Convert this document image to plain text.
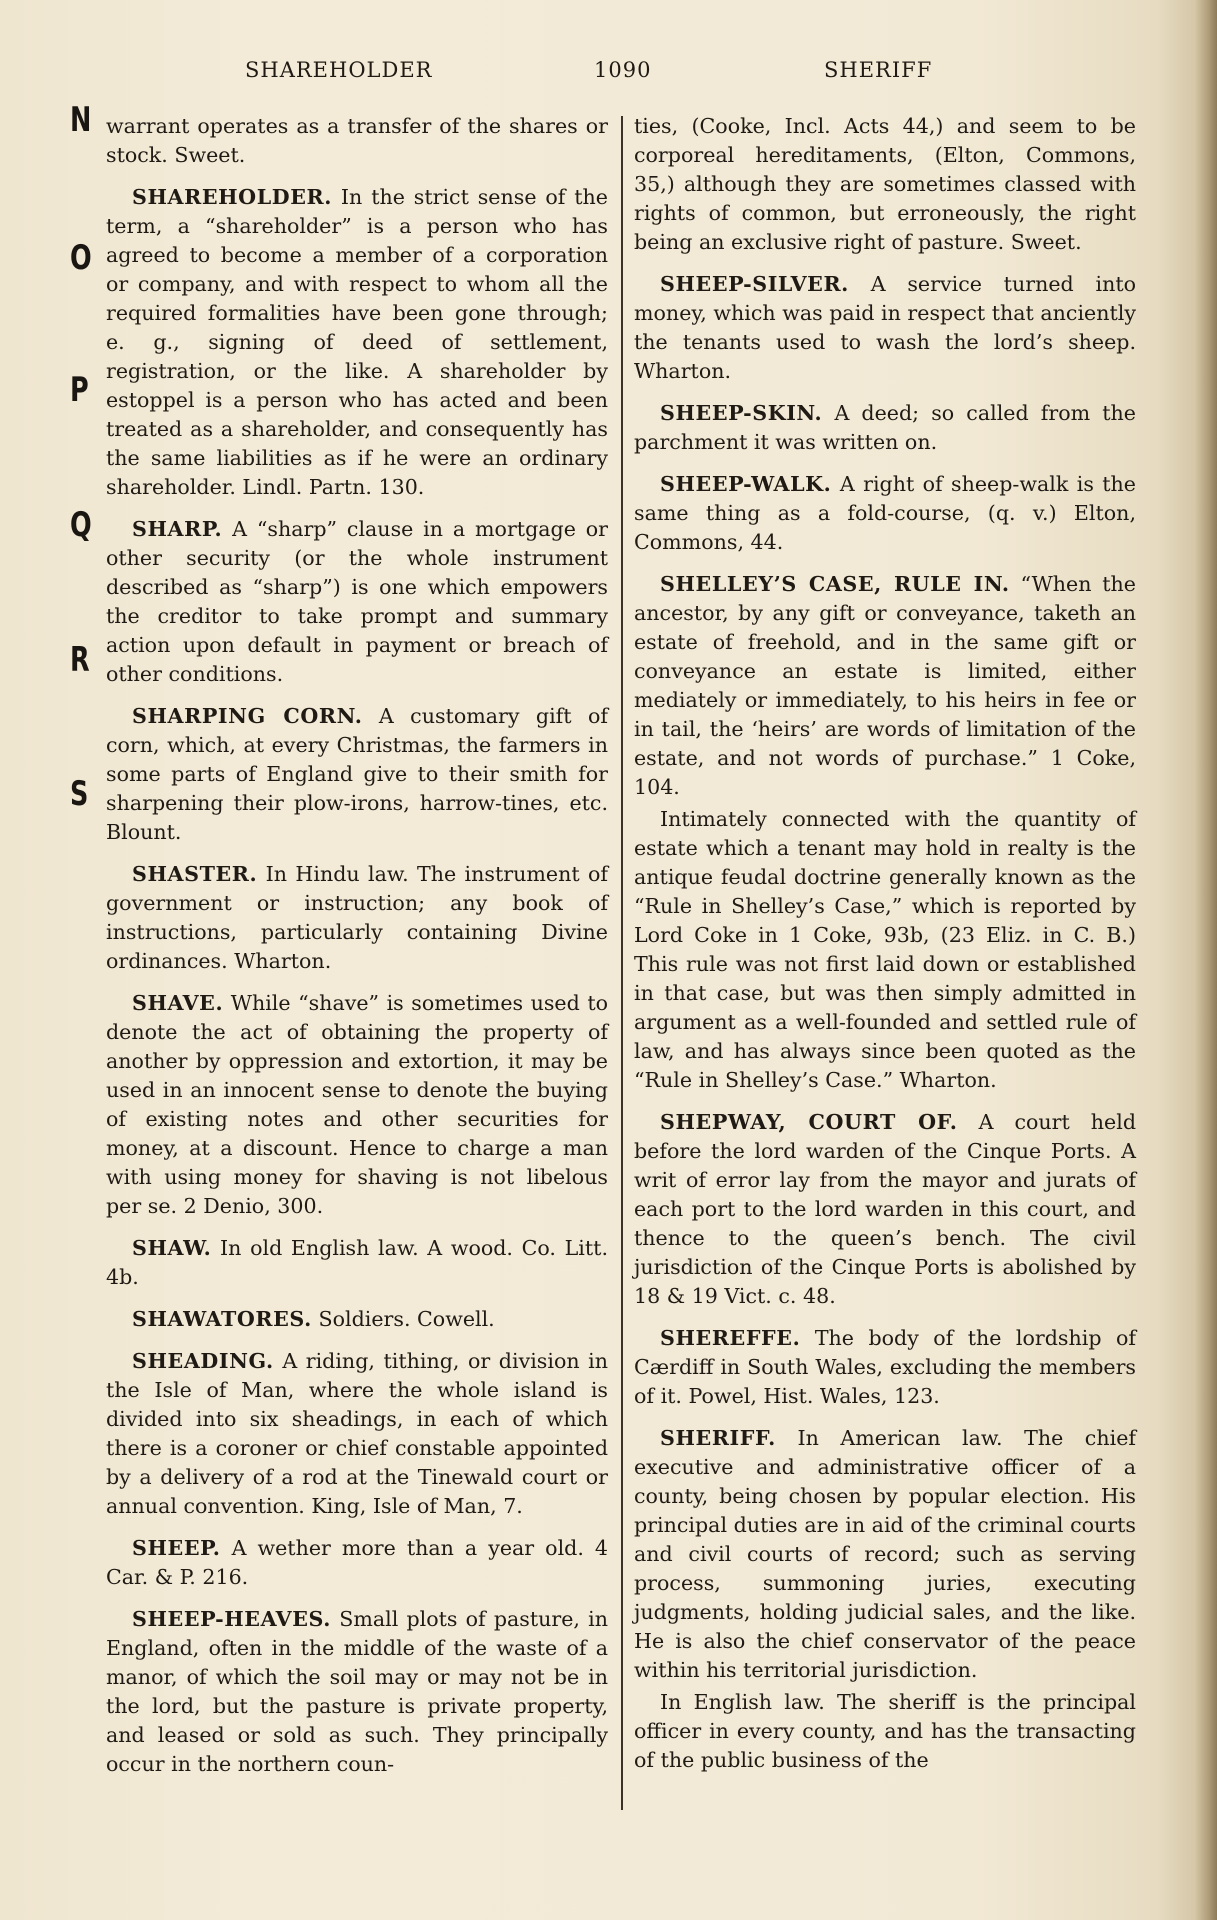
SHAREHOLDER	1090	SHERIFF
N
O
P
Q
R
S

warrant operates as a transfer of the shares or stock. Sweet.

SHAREHOLDER. In the strict sense of the term, a “shareholder” is a person who has agreed to become a member of a corporation or company, and with respect to whom all the required formalities have been gone through; e. g., signing of deed of settlement, registration, or the like. A shareholder by estoppel is a person who has acted and been treated as a shareholder, and consequently has the same liabilities as if he were an ordinary shareholder. Lindl. Partn. 130.

SHARP. A “sharp” clause in a mortgage or other security (or the whole instrument described as “sharp”) is one which empowers the creditor to take prompt and summary action upon default in payment or breach of other conditions.

SHARPING CORN. A customary gift of corn, which, at every Christmas, the farmers in some parts of England give to their smith for sharpening their plow-irons, harrow-tines, etc. Blount.

SHASTER. In Hindu law. The instrument of government or instruction; any book of instructions, particularly containing Divine ordinances. Wharton.

SHAVE. While “shave” is sometimes used to denote the act of obtaining the property of another by oppression and extortion, it may be used in an innocent sense to denote the buying of existing notes and other securities for money, at a discount. Hence to charge a man with using money for shaving is not libelous per se. 2 Denio, 300.

SHAW. In old English law. A wood. Co. Litt. 4b.

SHAWATORES. Soldiers. Cowell.

SHEADING. A riding, tithing, or division in the Isle of Man, where the whole island is divided into six sheadings, in each of which there is a coroner or chief constable appointed by a delivery of a rod at the Tinewald court or annual convention. King, Isle of Man, 7.

SHEEP. A wether more than a year old. 4 Car. & P. 216.

SHEEP-HEAVES. Small plots of pasture, in England, often in the middle of the waste of a manor, of which the soil may or may not be in the lord, but the pasture is private property, and leased or sold as such. They principally occur in the northern coun-

ties, (Cooke, Incl. Acts 44,) and seem to be corporeal hereditaments, (Elton, Commons, 35,) although they are sometimes classed with rights of common, but erroneously, the right being an exclusive right of pasture. Sweet.

SHEEP-SILVER. A service turned into money, which was paid in respect that anciently the tenants used to wash the lord’s sheep. Wharton.

SHEEP-SKIN. A deed; so called from the parchment it was written on.

SHEEP-WALK. A right of sheep-walk is the same thing as a fold-course, (q. v.) Elton, Commons, 44.

SHELLEY’S CASE, RULE IN. “When the ancestor, by any gift or conveyance, taketh an estate of freehold, and in the same gift or conveyance an estate is limited, either mediately or immediately, to his heirs in fee or in tail, the ‘heirs’ are words of limitation of the estate, and not words of purchase.” 1 Coke, 104.

Intimately connected with the quantity of estate which a tenant may hold in realty is the antique feudal doctrine generally known as the “Rule in Shelley’s Case,” which is reported by Lord Coke in 1 Coke, 93b, (23 Eliz. in C. B.) This rule was not first laid down or established in that case, but was then simply admitted in argument as a well-founded and settled rule of law, and has always since been quoted as the “Rule in Shelley’s Case.” Wharton.

SHEPWAY, COURT OF. A court held before the lord warden of the Cinque Ports. A writ of error lay from the mayor and jurats of each port to the lord warden in this court, and thence to the queen’s bench. The civil jurisdiction of the Cinque Ports is abolished by 18 & 19 Vict. c. 48.

SHEREFFE. The body of the lordship of Cærdiff in South Wales, excluding the members of it. Powel, Hist. Wales, 123.

SHERIFF. In American law. The chief executive and administrative officer of a county, being chosen by popular election. His principal duties are in aid of the criminal courts and civil courts of record; such as serving process, summoning juries, executing judgments, holding judicial sales, and the like. He is also the chief conservator of the peace within his territorial jurisdiction.

In English law. The sheriff is the principal officer in every county, and has the transacting of the public business of the
